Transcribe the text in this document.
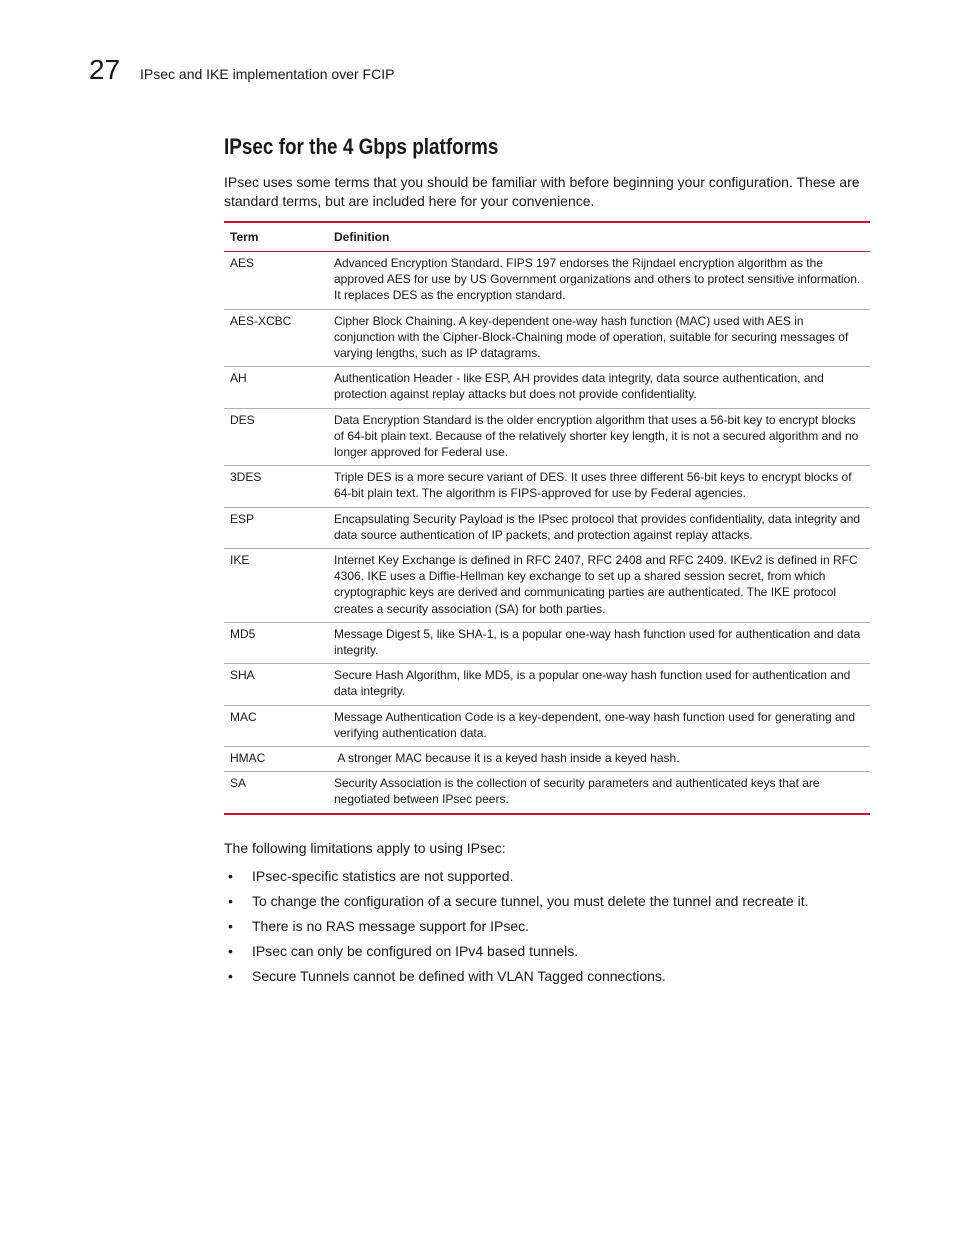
27 IPsec and IKE implementation over FCIP
IPsec for the 4 Gbps platforms

IPsec uses some terms that you should be familiar with before beginning your configuration. These are standard terms, but are included here for your convenience.

Term	Definition
AES	Advanced Encryption Standard. FIPS 197 endorses the Rijndael encryption algorithm as the approved AES for use by US Government organizations and others to protect sensitive information. It replaces DES as the encryption standard.
AES-XCBC	Cipher Block Chaining. A key-dependent one-way hash function (MAC) used with AES in conjunction with the Cipher-Block-Chaining mode of operation, suitable for securing messages of varying lengths, such as IP datagrams.
AH	Authentication Header - like ESP, AH provides data integrity, data source authentication, and protection against replay attacks but does not provide confidentiality.
DES	Data Encryption Standard is the older encryption algorithm that uses a 56-bit key to encrypt blocks of 64-bit plain text. Because of the relatively shorter key length, it is not a secured algorithm and no longer approved for Federal use.
3DES	Triple DES is a more secure variant of DES. It uses three different 56-bit keys to encrypt blocks of 64-bit plain text. The algorithm is FIPS-approved for use by Federal agencies.
ESP	Encapsulating Security Payload is the IPsec protocol that provides confidentiality, data integrity and data source authentication of IP packets, and protection against replay attacks.
IKE	Internet Key Exchange is defined in RFC 2407, RFC 2408 and RFC 2409. IKEv2 is defined in RFC 4306. IKE uses a Diffie-Hellman key exchange to set up a shared session secret, from which cryptographic keys are derived and communicating parties are authenticated. The IKE protocol creates a security association (SA) for both parties.
MD5	Message Digest 5, like SHA-1, is a popular one-way hash function used for authentication and data integrity.
SHA	Secure Hash Algorithm, like MD5, is a popular one-way hash function used for authentication and data integrity.
MAC	Message Authentication Code is a key-dependent, one-way hash function used for generating and verifying authentication data.
HMAC	A stronger MAC because it is a keyed hash inside a keyed hash.
SA	Security Association is the collection of security parameters and authenticated keys that are negotiated between IPsec peers.

The following limitations apply to using IPsec:

• IPsec-specific statistics are not supported.
• To change the configuration of a secure tunnel, you must delete the tunnel and recreate it.
• There is no RAS message support for IPsec.
• IPsec can only be configured on IPv4 based tunnels.
• Secure Tunnels cannot be defined with VLAN Tagged connections.
